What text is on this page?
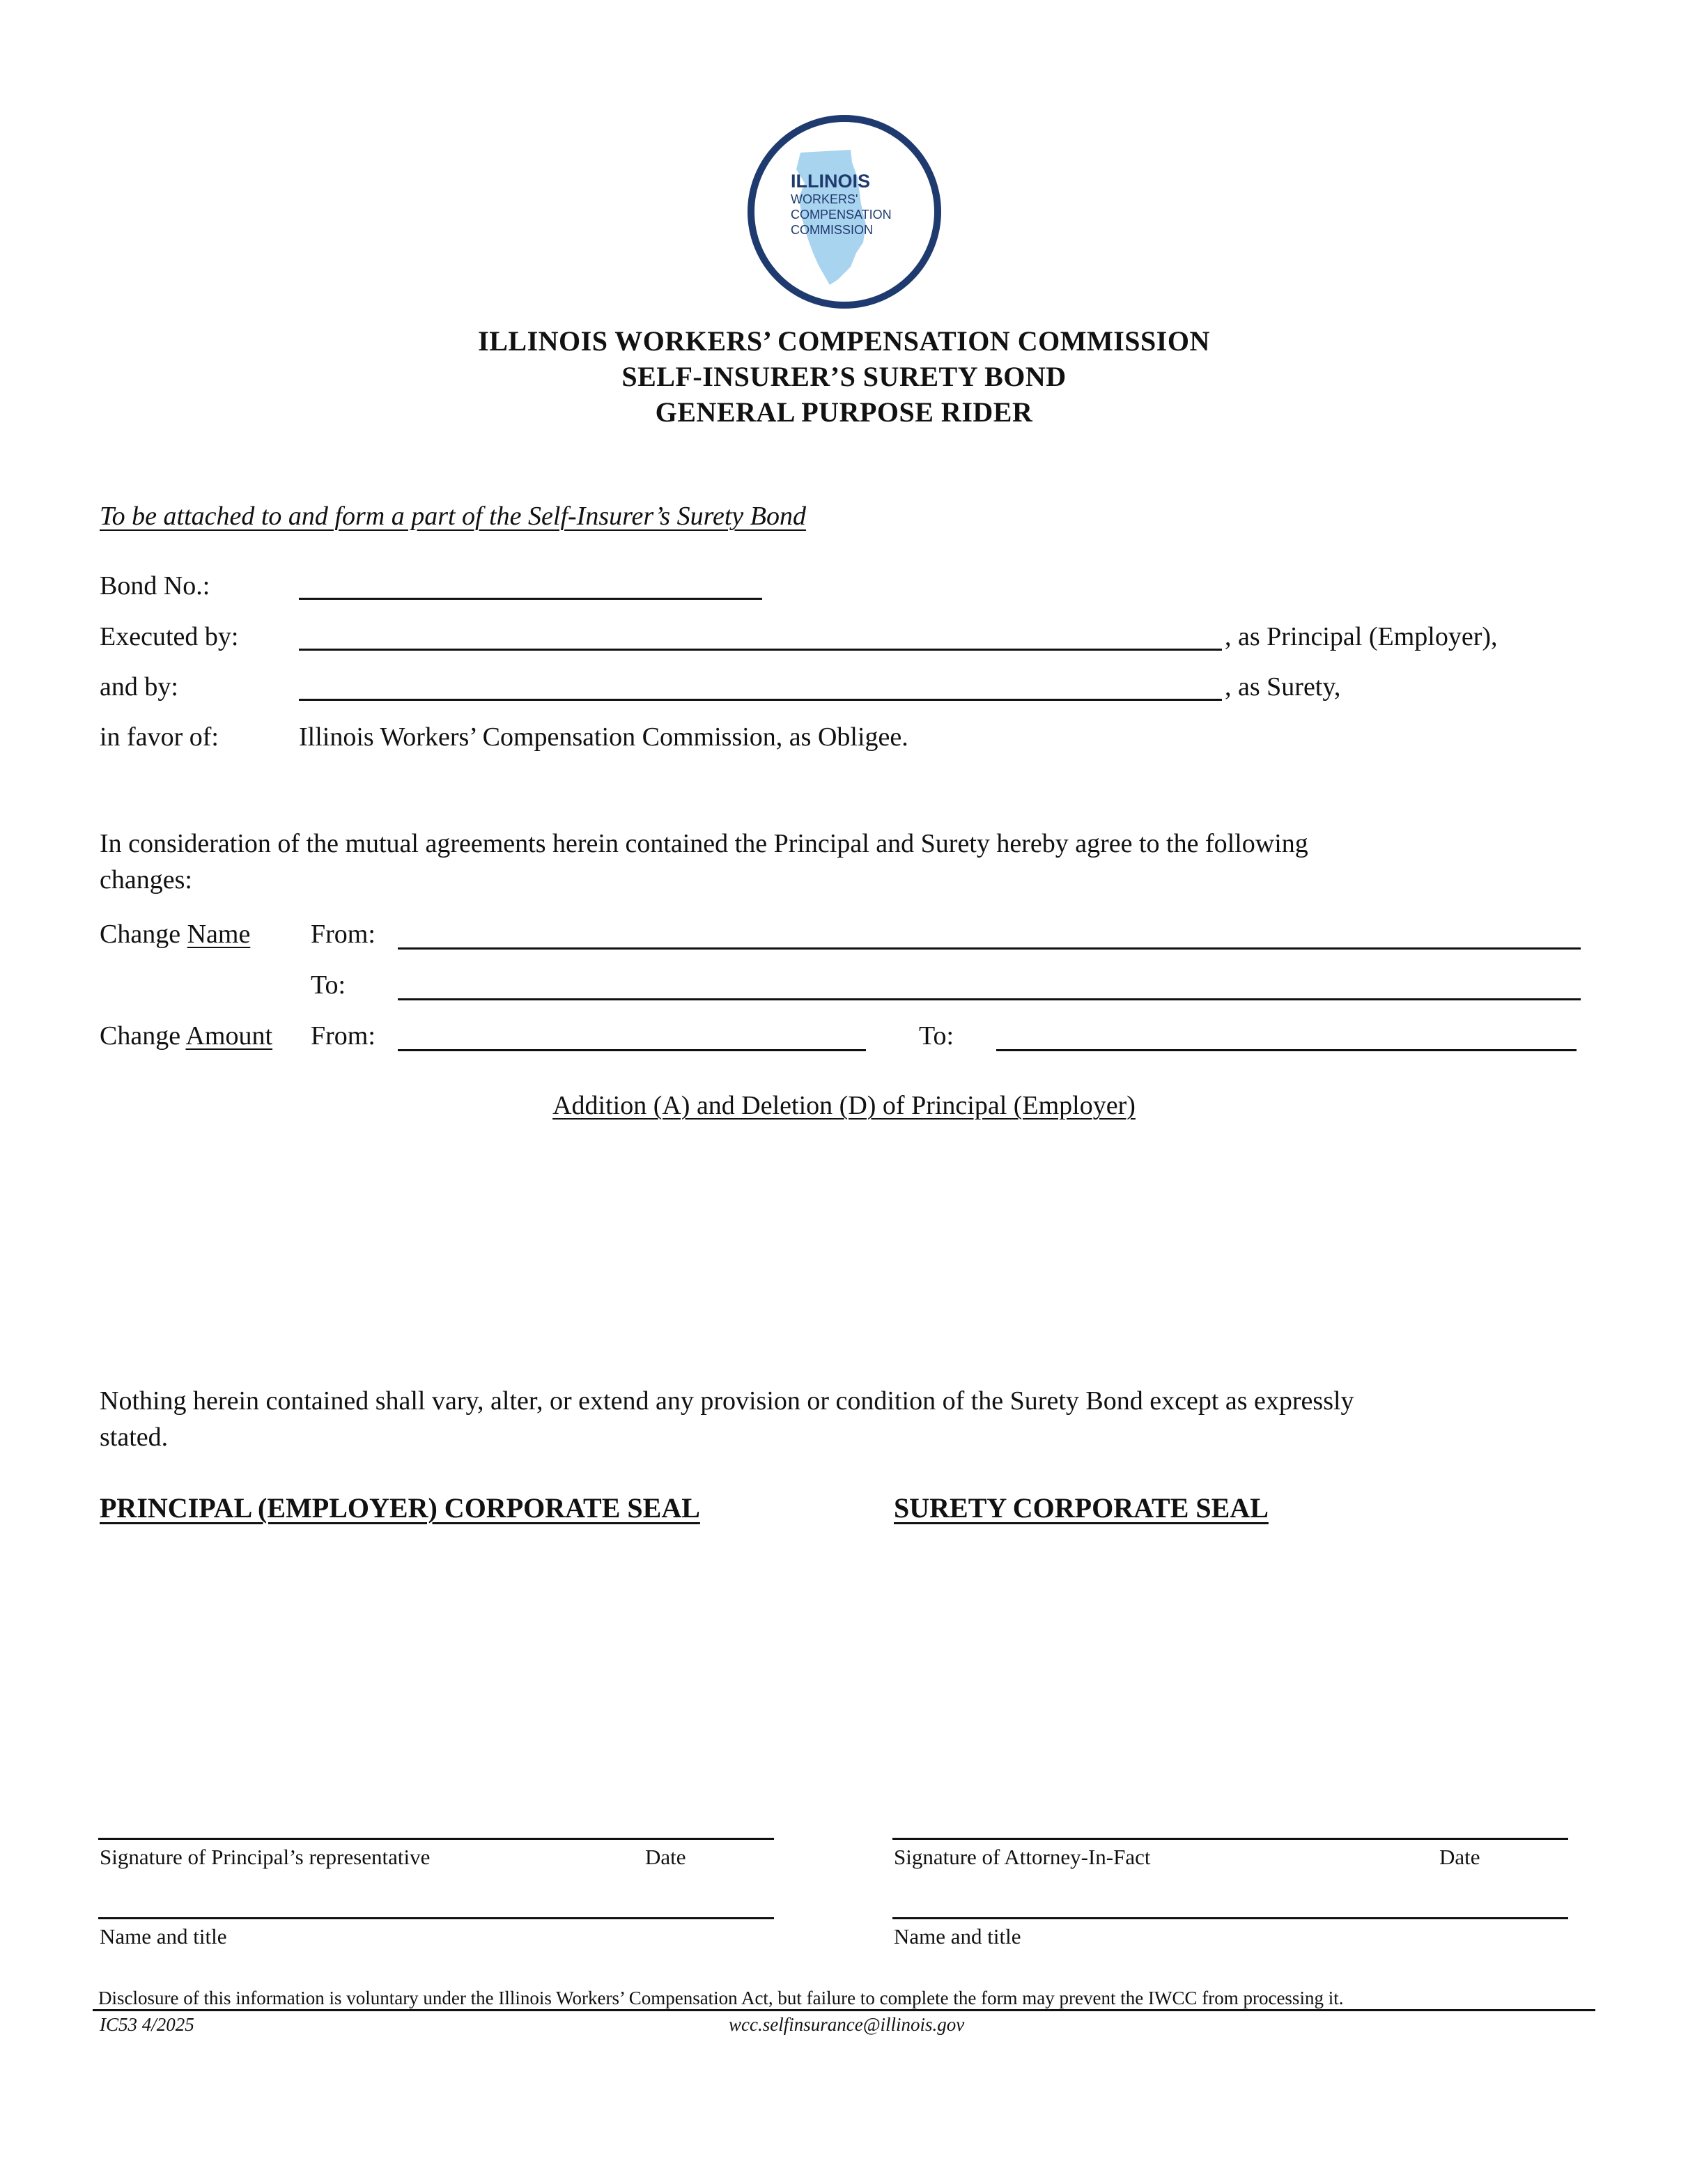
ILLINOIS
WORKERS'
COMPENSATION
COMMISSION
ILLINOIS WORKERS’ COMPENSATION COMMISSION
SELF-INSURER’S SURETY BOND
GENERAL PURPOSE RIDER
To be attached to and form a part of the Self-Insurer’s Surety Bond
Bond No.:
Executed by:	, as Principal (Employer),
and by:	, as Surety,
in favor of:	Illinois Workers’ Compensation Commission, as Obligee.
In consideration of the mutual agreements herein contained the Principal and Surety hereby agree to the following
changes:
Change Name From:
To:
Change Amount From:	To:
Addition (A) and Deletion (D) of Principal (Employer)
Nothing herein contained shall vary, alter, or extend any provision or condition of the Surety Bond except as expressly
stated.
PRINCIPAL (EMPLOYER) CORPORATE SEAL	SURETY CORPORATE SEAL
Signature of Principal’s representative	Date
Name and title
Signature of Attorney-In-Fact	Date
Name and title
Disclosure of this information is voluntary under the Illinois Workers’ Compensation Act, but failure to complete the form may prevent the IWCC from processing it.
IC53 4/2025	wcc.selfinsurance@illinois.gov
